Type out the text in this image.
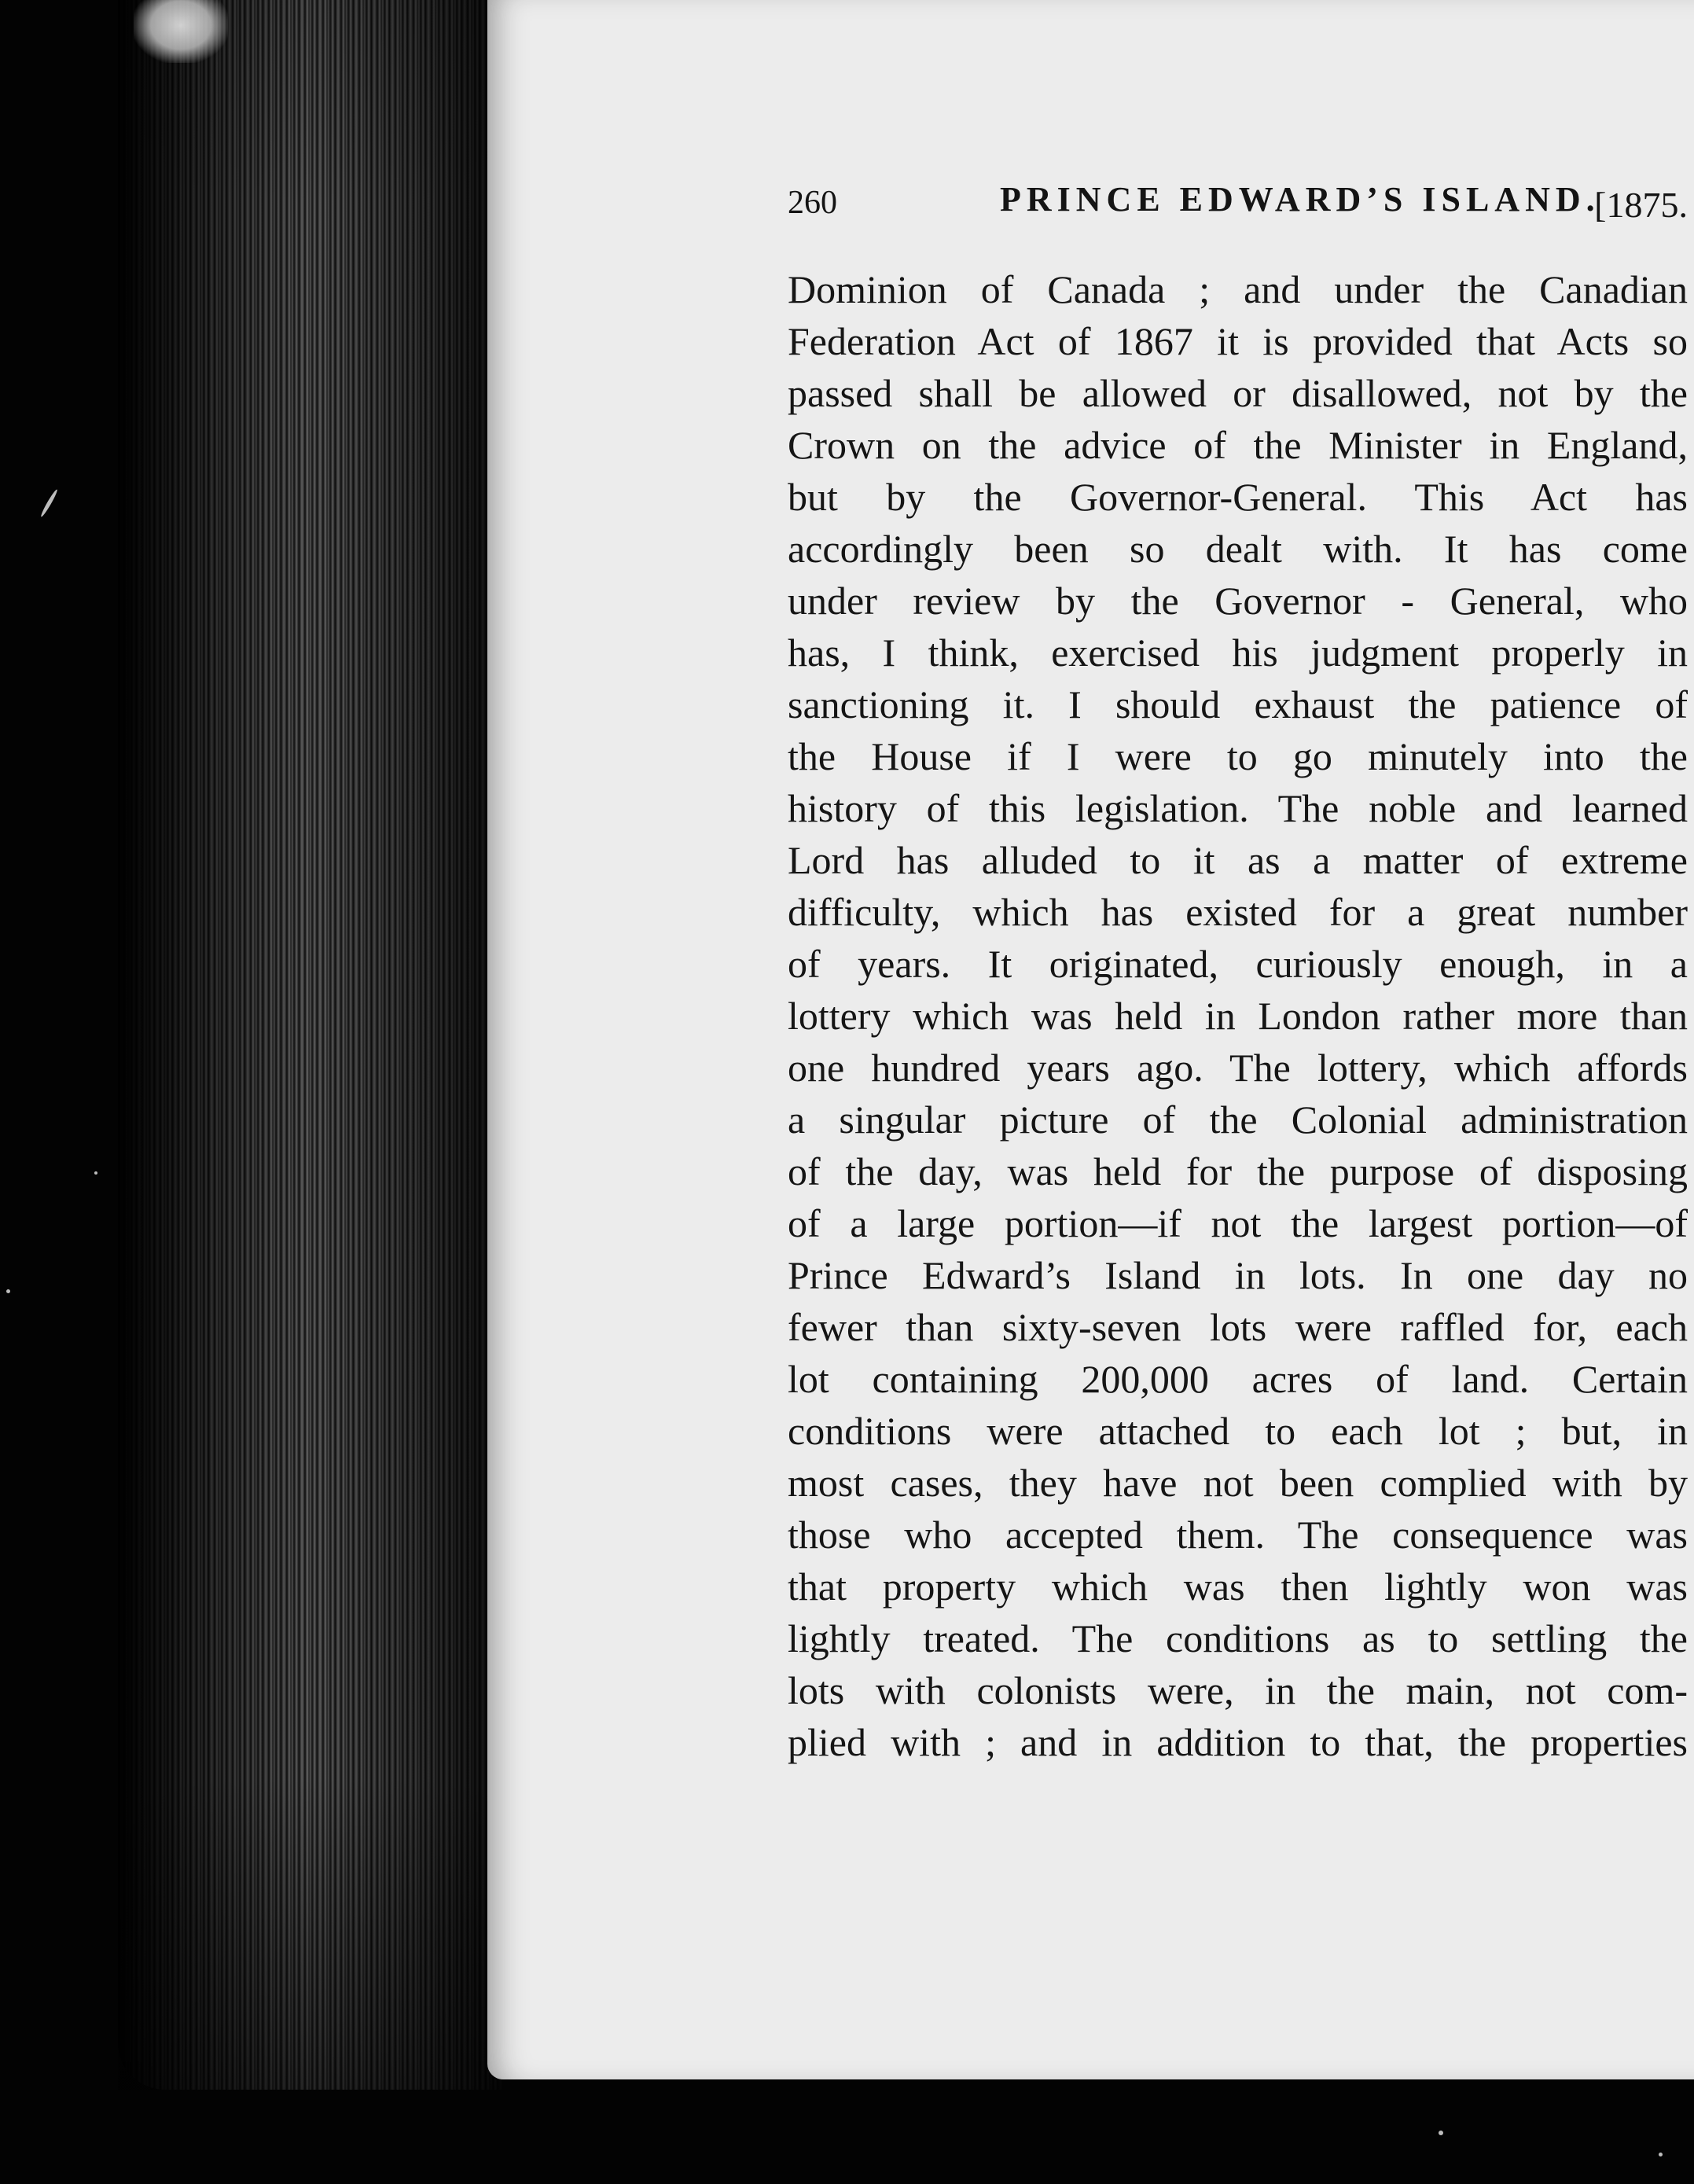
260	PRINCE EDWARD’S ISLAND.
[1875.
Dominion of Canada ; and under the Canadian
Federation Act of 1867 it is provided that Acts so
passed shall be allowed or disallowed, not by the
Crown on the advice of the Minister in England,
but by the Governor-General. This Act has
accordingly been so dealt with. It has come
under review by the Governor - General, who
has, I think, exercised his judgment properly in
sanctioning it. I should exhaust the patience of
the House if I were to go minutely into the
history of this legislation. The noble and learned
Lord has alluded to it as a matter of extreme
difficulty, which has existed for a great number
of years. It originated, curiously enough, in a
lottery which was held in London rather more than
one hundred years ago. The lottery, which affords
a singular picture of the Colonial administration
of the day, was held for the purpose of disposing
of a large portion—if not the largest portion—of
Prince Edward’s Island in lots. In one day no
fewer than sixty-seven lots were raffled for, each
lot containing 200,000 acres of land. Certain
conditions were attached to each lot ; but, in
most cases, they have not been complied with by
those who accepted them. The consequence was
that property which was then lightly won was
lightly treated. The conditions as to settling the
lots with colonists were, in the main, not com-
plied with ; and in addition to that, the properties
